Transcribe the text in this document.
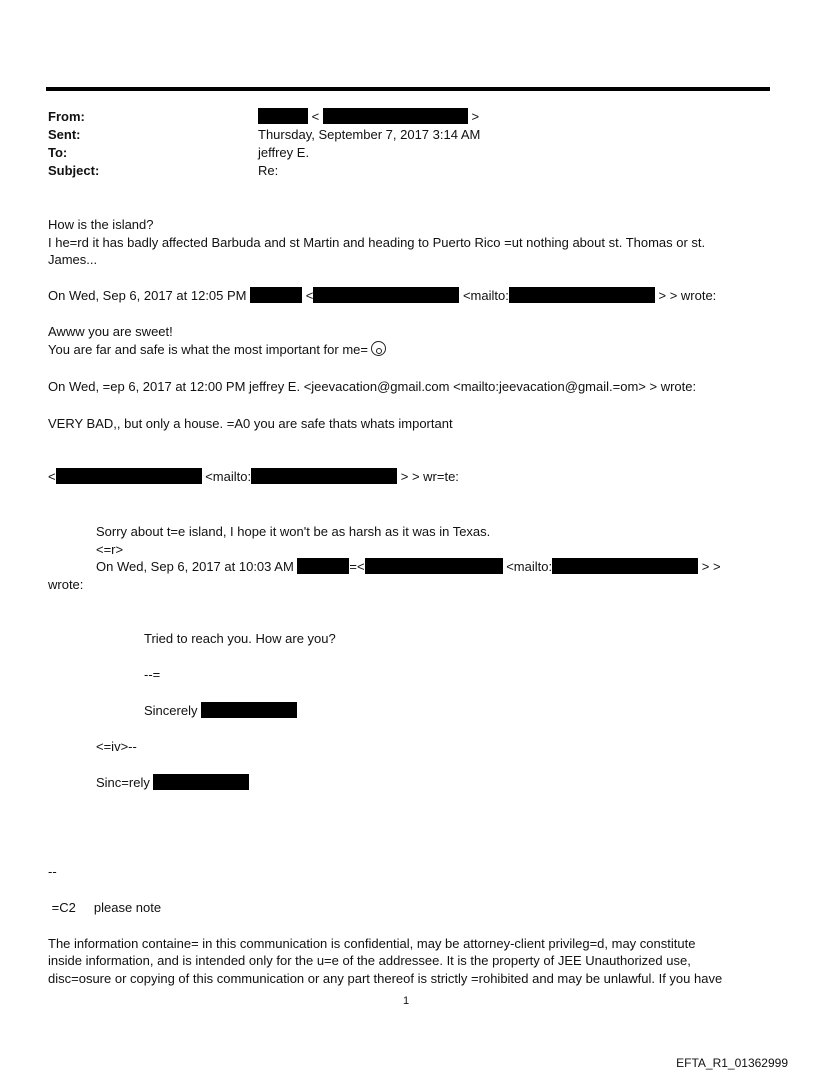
From:	<	>
Sent:	Thursday, September 7, 2017 3:14 AM
To:	jeffrey E.
Subject:	Re:
How is the island?
I he=rd it has badly affected Barbuda and st Martin and heading to Puerto Rico =ut nothing about st. Thomas or st.
James...
On Wed, Sep 6, 2017 at 12:05 PM	<	<mailto:	> > wrote:
Awww you are sweet!
You are far and safe is what the most important for me=
On Wed, =ep 6, 2017 at 12:00 PM jeffrey E. <jeevacation@gmail.com <mailto:jeevacation@gmail.=om> > wrote:
VERY BAD,, but only a house. =A0 you are safe thats whats important
<	<mailto:	> > wr=te:
Sorry about t=e island, I hope it won't be as harsh as it was in Texas.
<=r>
On Wed, Sep 6, 2017 at 10:03 AM	=<	<mailto:	> >
wrote:
Tried to reach you. How are you?
--=
Sincerely
<=iv>--
Sinc=rely
--
=C2     please note
The information containe= in this communication is confidential, may be attorney-client privileg=d, may constitute
inside information, and is intended only for the u=e of the addressee. It is the property of JEE Unauthorized use,
disc=osure or copying of this communication or any part thereof is strictly =rohibited and may be unlawful. If you have
1
EFTA_R1_01362999
